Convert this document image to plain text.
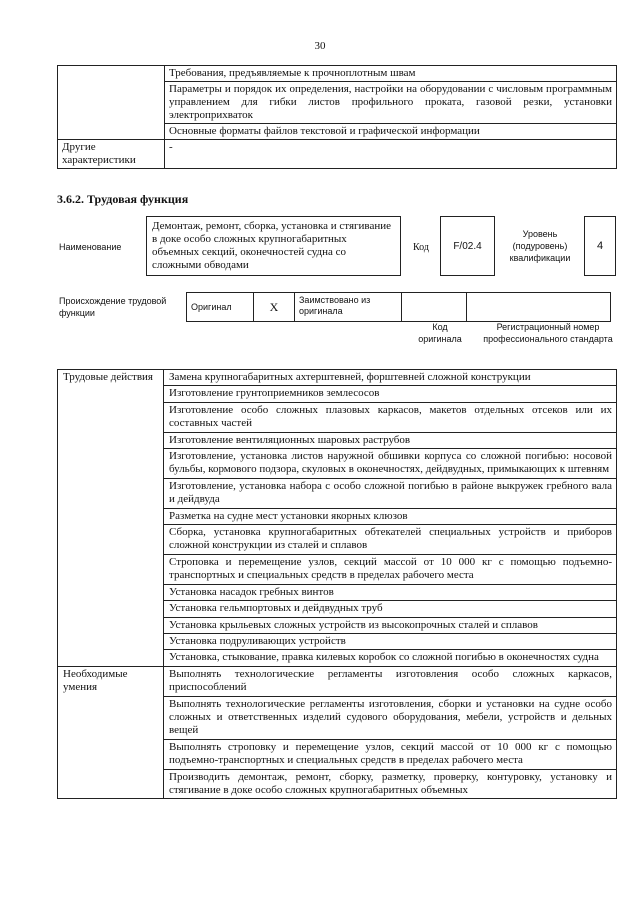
30
	Требования, предъявляемые к прочноплотным швам
	Параметры и порядок их определения, настройки на оборудовании с числовым программным управлением для гибки листов профильного проката, газовой резки, установки электроприхваток
	Основные форматы файлов текстовой и графической информации
Другие характеристики	-
3.6.2. Трудовая функция
Наименование
Демонтаж, ремонт, сборка, установка и стягивание в доке особо сложных крупногабаритных объемных секций, оконечностей судна со сложными обводами
Код	F/02.4
Уровень (подуровень) квалификации
4
Происхождение трудовой функции
Оригинал	X	Заимствовано из оригинала		
Код оригинала
Регистрационный номер профессионального стандарта
Трудовые действия	Замена крупногабаритных ахтерштевней, форштевней сложной конструкции
	Изготовление грунтоприемников землесосов
	Изготовление особо сложных плазовых каркасов, макетов отдельных отсеков или их составных частей
	Изготовление вентиляционных шаровых раструбов
	Изготовление, установка листов наружной обшивки корпуса со сложной погибью: носовой бульбы, кормового подзора, скуловых в оконечностях, дейдвудных, примыкающих к штевням
	Изготовление, установка набора с особо сложной погибью в районе выкружек гребного вала и дейдвуда
	Разметка на судне мест установки якорных клюзов
	Сборка, установка крупногабаритных обтекателей специальных устройств и приборов сложной конструкции из сталей и сплавов
	Строповка и перемещение узлов, секций массой от 10 000 кг с помощью подъемно-транспортных и специальных средств в пределах рабочего места
	Установка насадок гребных винтов
	Установка гельмпортовых и дейдвудных труб
	Установка крыльевых сложных устройств из высокопрочных сталей и сплавов
	Установка подруливающих устройств
	Установка, стыкование, правка килевых коробок со сложной погибью в оконечностях судна
Необходимые умения	Выполнять технологические регламенты изготовления особо сложных каркасов, приспособлений
	Выполнять технологические регламенты изготовления, сборки и установки на судне особо сложных и ответственных изделий судового оборудования, мебели, устройств и дельных вещей
	Выполнять строповку и перемещение узлов, секций массой от 10 000 кг с помощью подъемно-транспортных и специальных средств в пределах рабочего места
	Производить демонтаж, ремонт, сборку, разметку, проверку, контуровку, установку и стягивание в доке особо сложных крупногабаритных объемных
